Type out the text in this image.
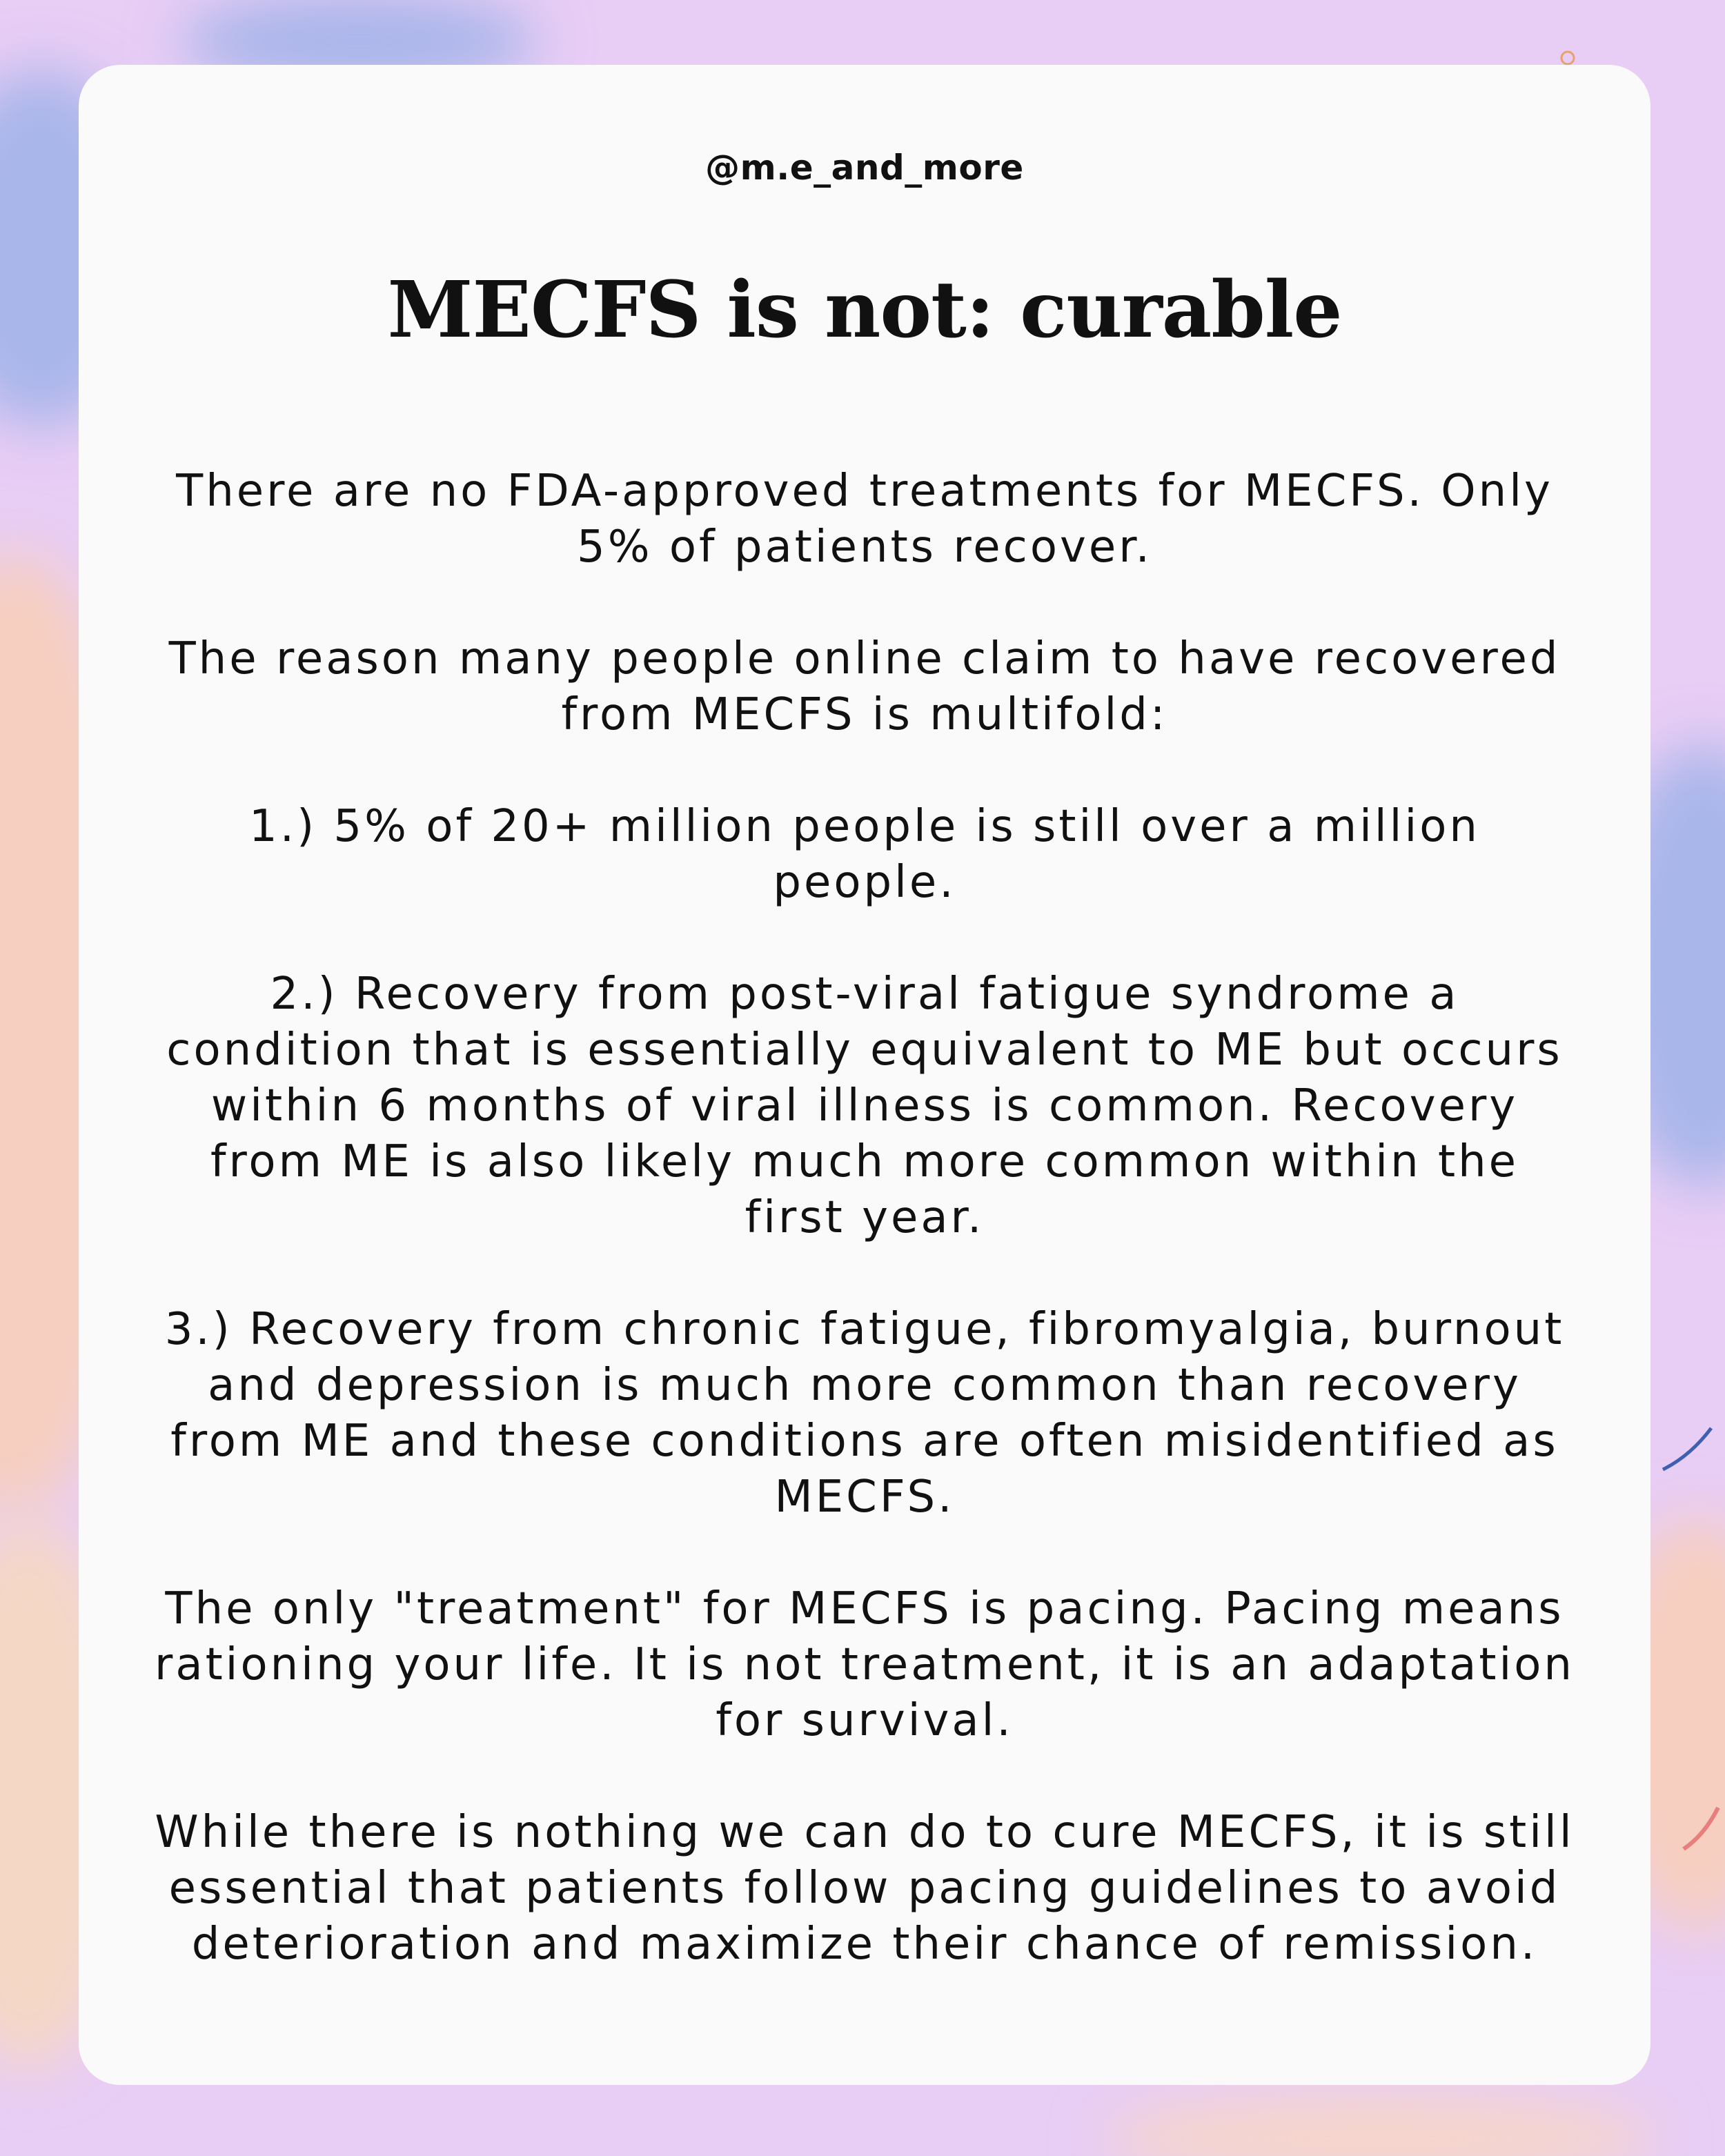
@m.e_and_more
MECFS is not: curable

There are no FDA-approved treatments for MECFS. Only 5% of patients recover.

The reason many people online claim to have recovered from MECFS is multifold:

1.) 5% of 20+ million people is still over a million people.

2.) Recovery from post-viral fatigue syndrome a condition that is essentially equivalent to ME but occurs within 6 months of viral illness is common. Recovery from ME is also likely much more common within the first year.

3.) Recovery from chronic fatigue, fibromyalgia, burnout and depression is much more common than recovery from ME and these conditions are often misidentified as MECFS.

The only "treatment" for MECFS is pacing. Pacing means rationing your life. It is not treatment, it is an adaptation for survival.

While there is nothing we can do to cure MECFS, it is still essential that patients follow pacing guidelines to avoid deterioration and maximize their chance of remission.
